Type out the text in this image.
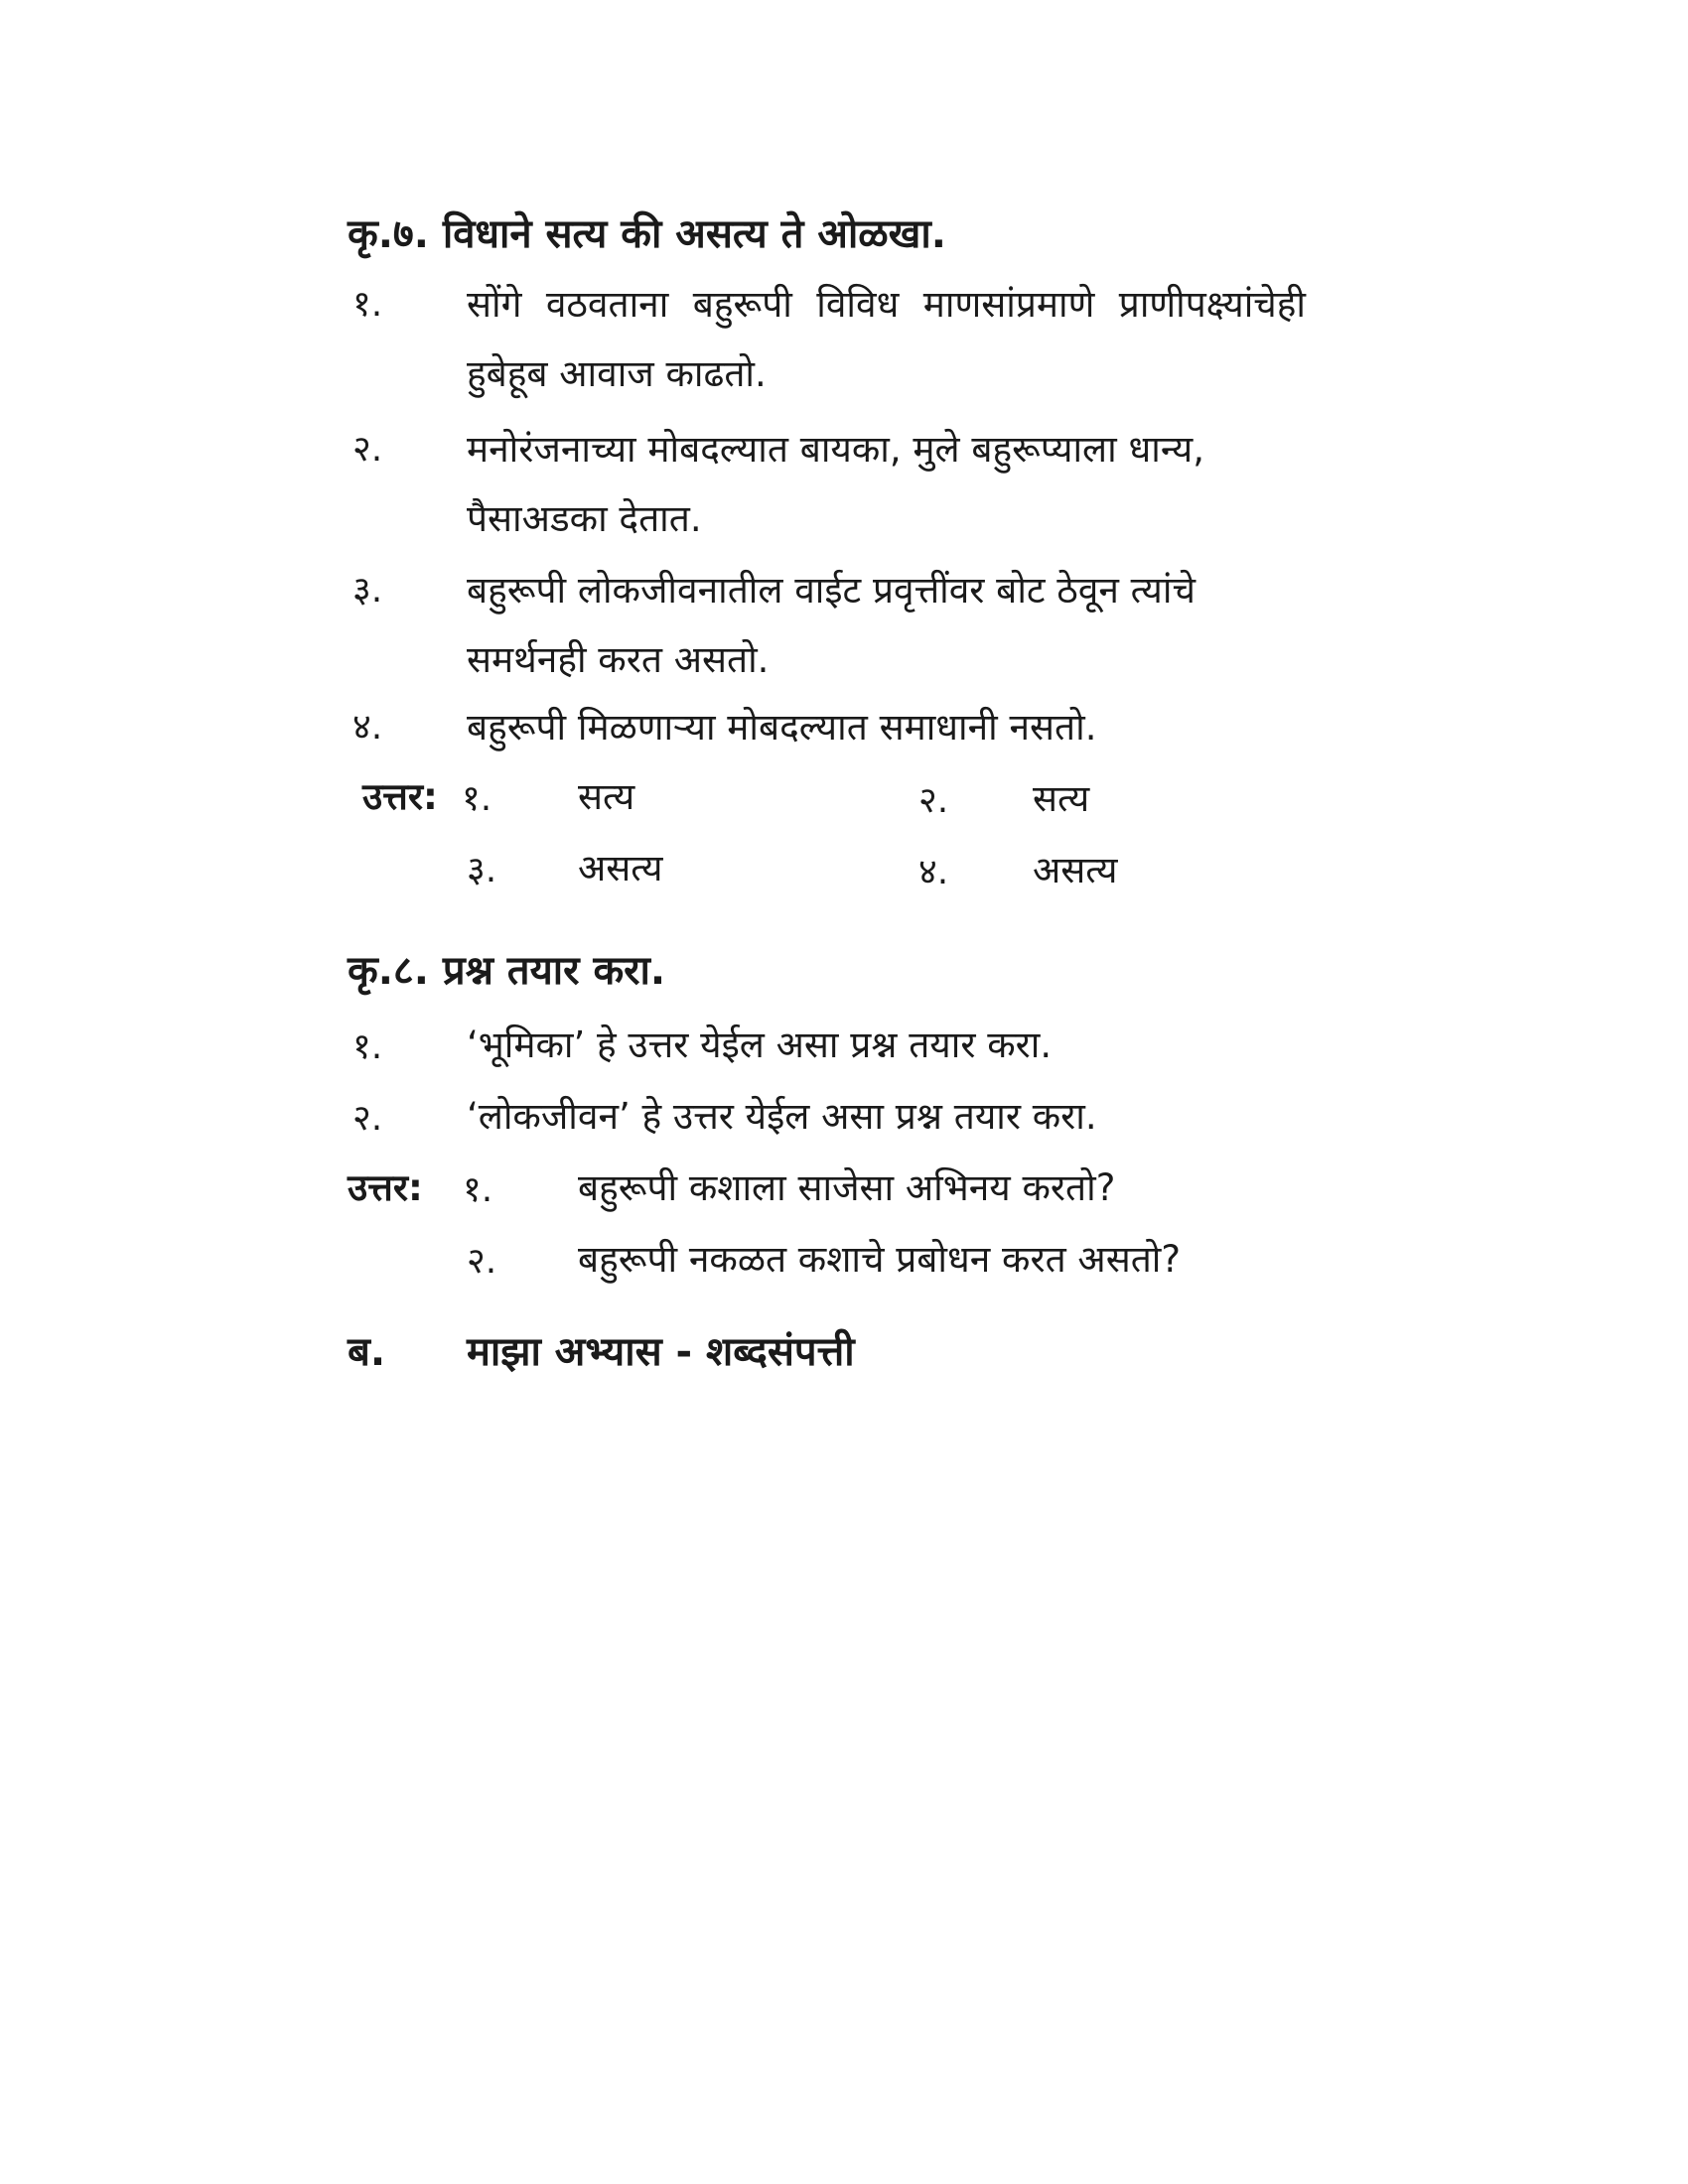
कृ.७. विधाने सत्य की असत्य ते ओळखा.
१. सोंगे वठवताना बहुरूपी विविध माणसांप्रमाणे प्राणीपक्ष्यांचेही हुबेहूब आवाज काढतो.
२. मनोरंजनाच्या मोबदल्यात बायका, मुले बहुरूप्याला धान्य, पैसाअडका देतात.
३. बहुरूपी लोकजीवनातील वाईट प्रवृत्तींवर बोट ठेवून त्यांचे समर्थनही करत असतो.
४. बहुरूपी मिळणाऱ्या मोबदल्यात समाधानी नसतो.
उत्तर: १. सत्य	२. सत्य
३. असत्य	४. असत्य
कृ.८. प्रश्न तयार करा.
१. ‘भूमिका’ हे उत्तर येईल असा प्रश्न तयार करा.
२. ‘लोकजीवन’ हे उत्तर येईल असा प्रश्न तयार करा.
उत्तर: १. बहुरूपी कशाला साजेसा अभिनय करतो?
२. बहुरूपी नकळत कशाचे प्रबोधन करत असतो?
ब. माझा अभ्यास - शब्दसंपत्ती
